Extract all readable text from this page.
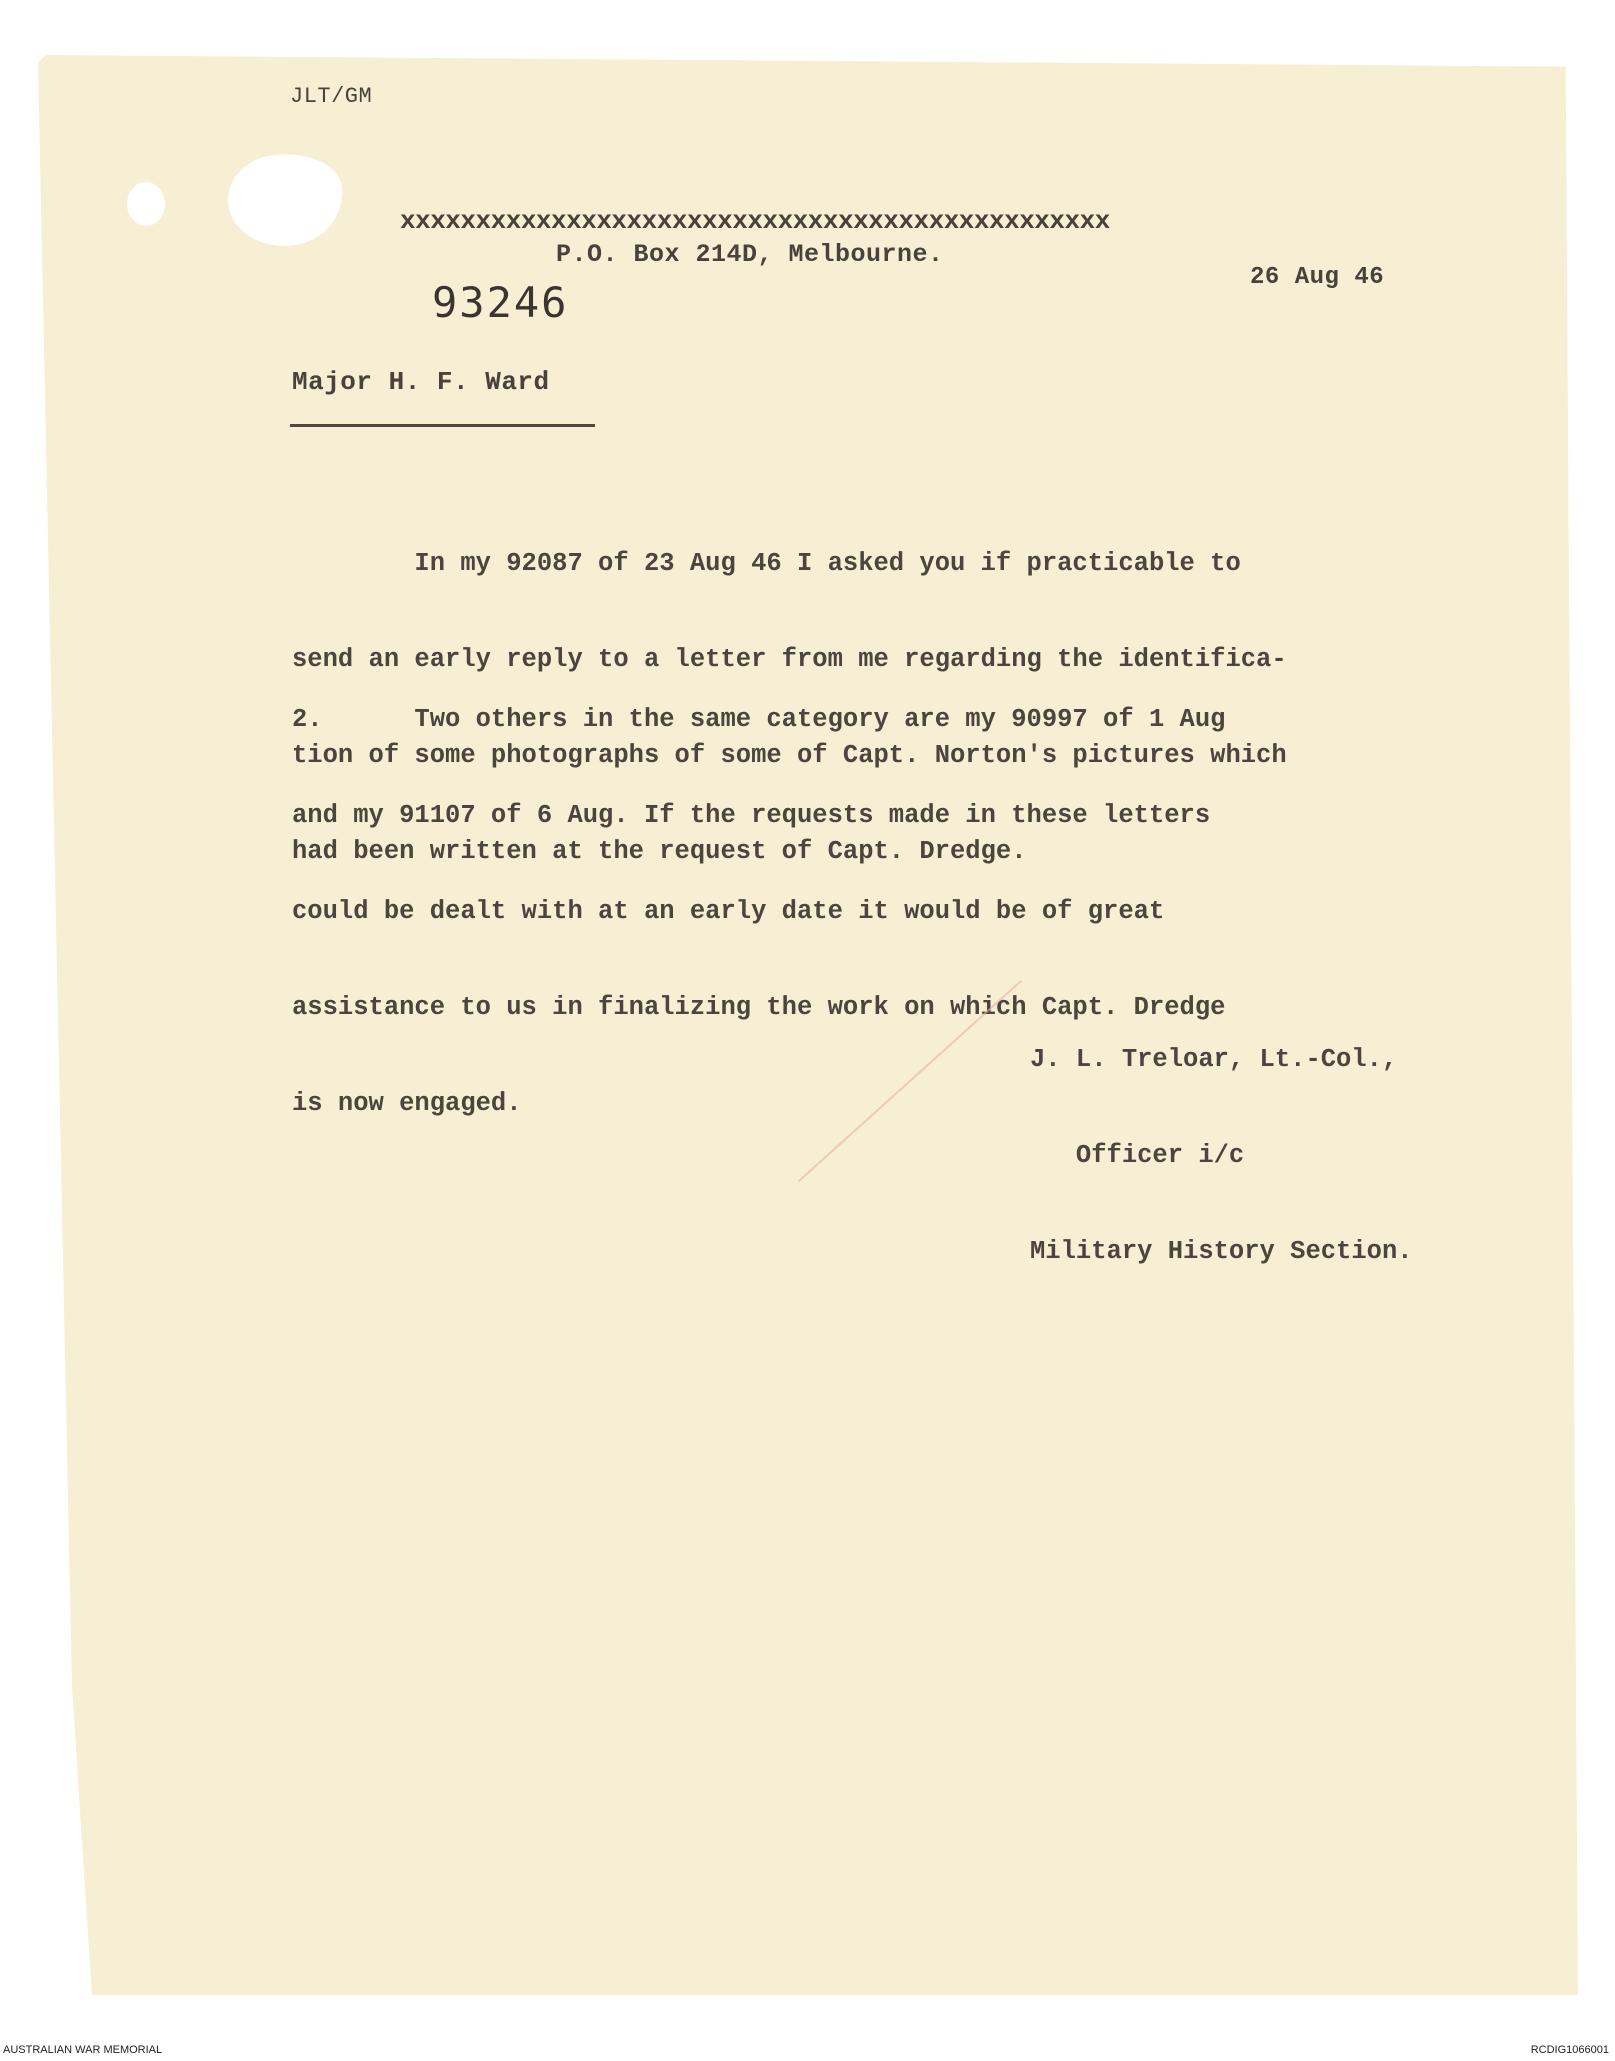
JLT/GM
xxxxxxxxxxxxxxxxxxxxxxxxxxxxxxxxxxxxxxxxxxxxxxx
P.O. Box 214D, Melbourne.
93246
26 Aug 46
Major H. F. Ward

In my 92087 of 23 Aug 46 I asked you if practicable to

send an early reply to a letter from me regarding the identifica-

tion of some photographs of some of Capt. Norton's pictures which

had been written at the request of Capt. Dredge.

2.      Two others in the same category are my 90997 of 1 Aug

and my 91107 of 6 Aug. If the requests made in these letters

could be dealt with at an early date it would be of great

assistance to us in finalizing the work on which Capt. Dredge

is now engaged.

J. L. Treloar, Lt.-Col.,

Officer i/c

Military History Section.

AUSTRALIAN WAR MEMORIAL	RCDIG1066001
